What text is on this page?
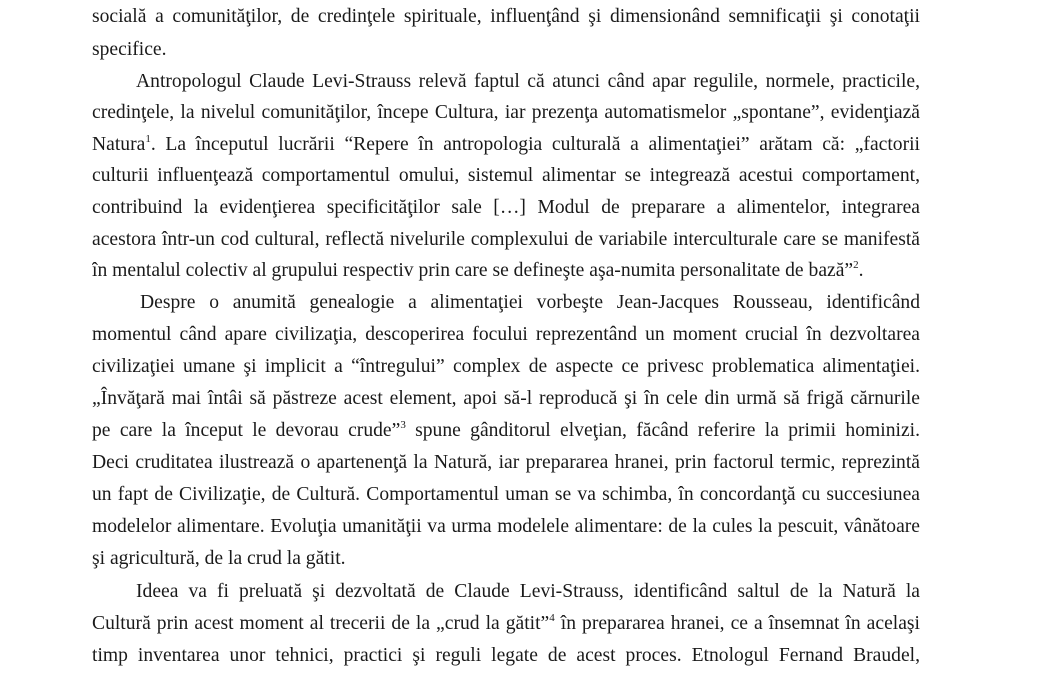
socială a comunităţilor, de credinţele spirituale, influenţând şi dimensionând semnificaţii şi conotaţii
specifice.
Antropologul Claude Levi-Strauss relevă faptul că atunci când apar regulile, normele, practicile,
credinţele, la nivelul comunităţilor, începe Cultura, iar prezenţa automatismelor „spontane”, evidenţiază
Natura$^1$. La începutul lucrării “Repere în antropologia culturală a alimentaţiei” arătam că: „factorii
culturii influenţează comportamentul omului, sistemul alimentar se integrează acestui comportament,
contribuind la evidenţierea specificităţilor sale […] Modul de preparare a alimentelor, integrarea
acestora într-un cod cultural, reflectă nivelurile complexului de variabile interculturale care se manifestă
în mentalul colectiv al grupului respectiv prin care se defineşte aşa-numita personalitate de bază”$^2$.
Despre o anumită genealogie a alimentaţiei vorbeşte Jean-Jacques Rousseau, identificând
momentul când apare civilizaţia, descoperirea focului reprezentând un moment crucial în dezvoltarea
civilizaţiei umane şi implicit a “întregului” complex de aspecte ce privesc problematica alimentaţiei.
„Învăţară mai întâi să păstreze acest element, apoi să-l reproducă şi în cele din urmă să frigă cărnurile
pe care la început le devorau crude”$^3$ spune gânditorul elveţian, făcând referire la primii hominizi.
Deci cruditatea ilustrează o apartenenţă la Natură, iar prepararea hranei, prin factorul termic, reprezintă
un fapt de Civilizaţie, de Cultură. Comportamentul uman se va schimba, în concordanţă cu succesiunea
modelelor alimentare. Evoluţia umanităţii va urma modelele alimentare: de la cules la pescuit, vânătoare
şi agricultură, de la crud la gătit.
Ideea va fi preluată şi dezvoltată de Claude Levi-Strauss, identificând saltul de la Natură la
Cultură prin acest moment al trecerii de la „crud la gătit”$^4$ în prepararea hranei, ce a însemnat în acelaşi
timp inventarea unor tehnici, practici şi reguli legate de acest proces. Etnologul Fernand Braudel,
